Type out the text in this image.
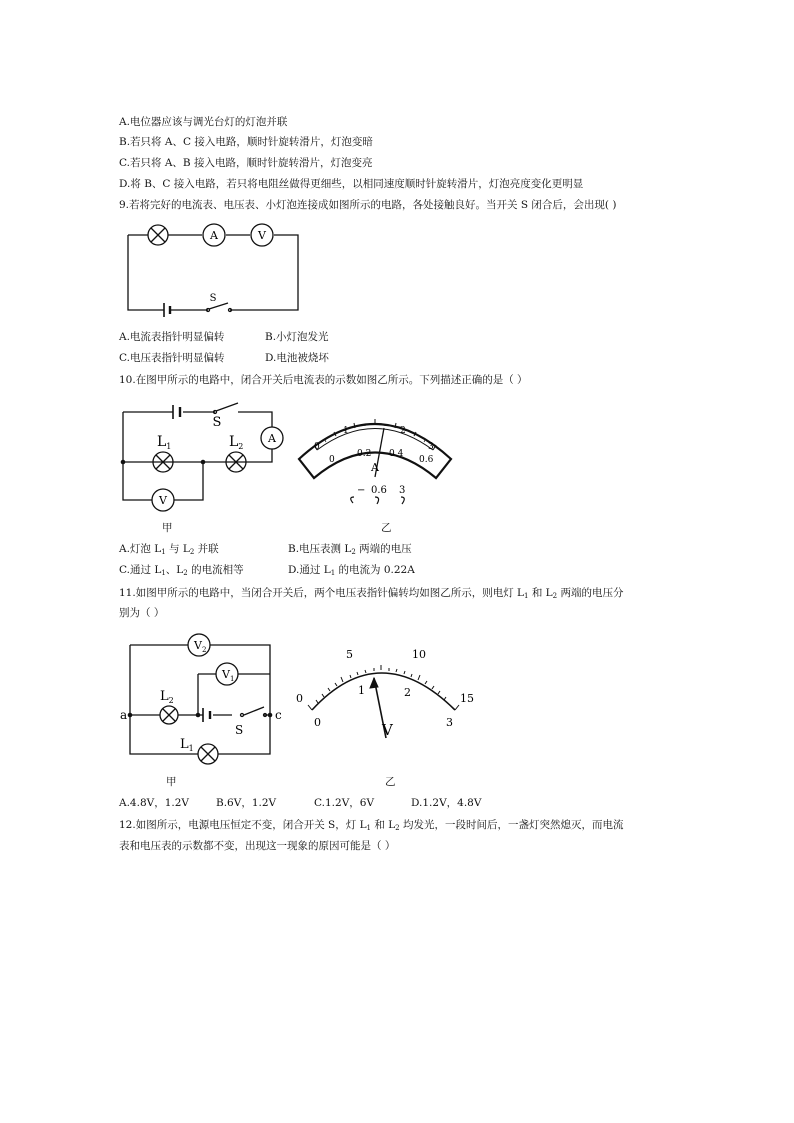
A.电位器应该与调光台灯的灯泡并联
B.若只将 A、C 接入电路，顺时针旋转滑片，灯泡变暗
C.若只将 A、B 接入电路，顺时针旋转滑片，灯泡变亮
D.将 B、C 接入电路，若只将电阻丝做得更细些，以相同速度顺时针旋转滑片，灯泡亮度变化更明显
9.若将完好的电流表、电压表、小灯泡连接成如图所示的电路，各处接触良好。当开关 S 闭合后，会出现( )
A	V
S
A.电流表指针明显偏转	B.小灯泡发光
C.电压表指针明显偏转	D.电池被烧坏
10.在图甲所示的电路中，闭合开关后电流表的示数如图乙所示。下列描述正确的是（ ）
S
A
V
$L_1$	$L_2$	0
1	2
3
0
0.2 0.4
0.6
A
− 0.6 3
甲	乙
A.灯泡 $L_1$ 与 $L_2$ 并联	B.电压表测 $L_2$ 两端的电压
C.通过 $L_1$、$L_2$ 的电流相等	D.通过 $L_1$ 的电流为 0.22A
11.如图甲所示的电路中，当闭合开关后，两个电压表指针偏转均如图乙所示，则电灯 $L_1$ 和 $L_2$ 两端的电压分
别为（ ）
$V_2$
$V_1$
$L_2$
$L_1$
a	c
S
0
5	10
15
0
1	2
3
V
甲	乙
A.4.8V，1.2V	B.6V，1.2V	C.1.2V，6V	D.1.2V，4.8V
12.如图所示，电源电压恒定不变，闭合开关 S，灯 $L_1$ 和 $L_2$ 均发光，一段时间后，一盏灯突然熄灭，而电流
表和电压表的示数都不变，出现这一现象的原因可能是（ ）
